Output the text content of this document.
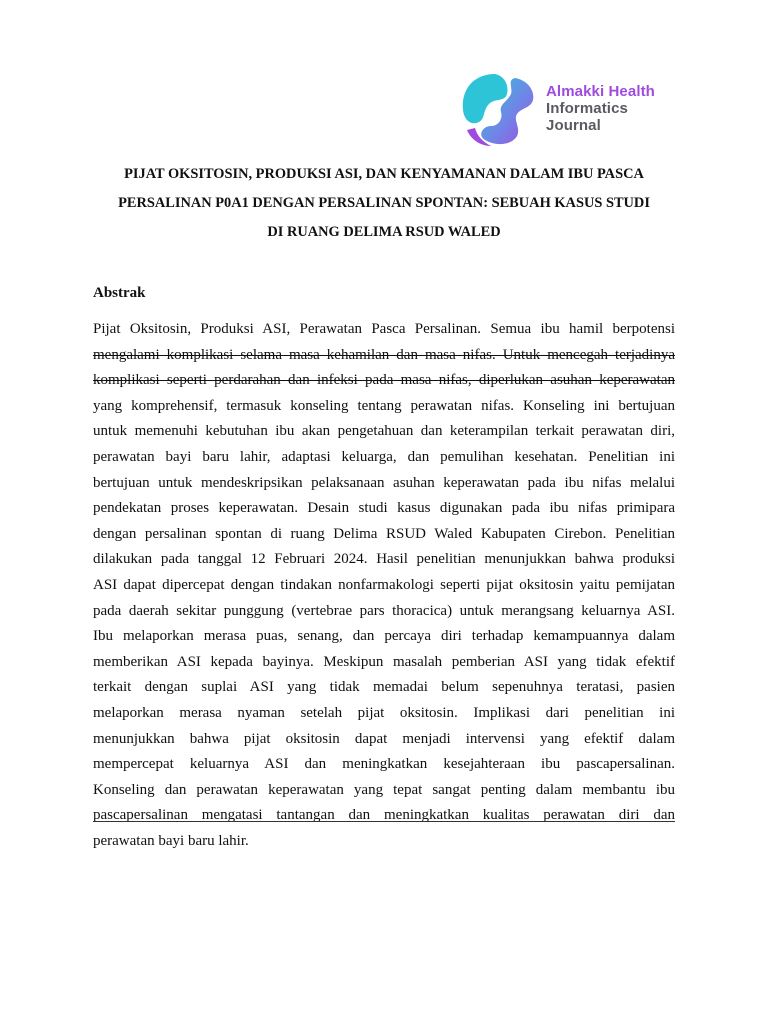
Almakki Health
Informatics
Journal
PIJAT OKSITOSIN, PRODUKSI ASI, DAN KENYAMANAN DALAM IBU PASCA
PERSALINAN P0A1 DENGAN PERSALINAN SPONTAN: SEBUAH KASUS STUDI
DI RUANG DELIMA RSUD WALED
Abstrak
Pijat Oksitosin, Produksi ASI, Perawatan Pasca Persalinan. Semua ibu hamil berpotensi
mengalami komplikasi selama masa kehamilan dan masa nifas. Untuk mencegah terjadinya
komplikasi seperti perdarahan dan infeksi pada masa nifas, diperlukan asuhan keperawatan
yang komprehensif, termasuk konseling tentang perawatan nifas. Konseling ini bertujuan
untuk memenuhi kebutuhan ibu akan pengetahuan dan keterampilan terkait perawatan diri,
perawatan bayi baru lahir, adaptasi keluarga, dan pemulihan kesehatan. Penelitian ini
bertujuan untuk mendeskripsikan pelaksanaan asuhan keperawatan pada ibu nifas melalui
pendekatan proses keperawatan. Desain studi kasus digunakan pada ibu nifas primipara
dengan persalinan spontan di ruang Delima RSUD Waled Kabupaten Cirebon. Penelitian
dilakukan pada tanggal 12 Februari 2024. Hasil penelitian menunjukkan bahwa produksi
ASI dapat dipercepat dengan tindakan nonfarmakologi seperti pijat oksitosin yaitu pemijatan
pada daerah sekitar punggung (vertebrae pars thoracica) untuk merangsang keluarnya ASI.
Ibu melaporkan merasa puas, senang, dan percaya diri terhadap kemampuannya dalam
memberikan ASI kepada bayinya. Meskipun masalah pemberian ASI yang tidak efektif
terkait dengan suplai ASI yang tidak memadai belum sepenuhnya teratasi, pasien
melaporkan merasa nyaman setelah pijat oksitosin. Implikasi dari penelitian ini
menunjukkan bahwa pijat oksitosin dapat menjadi intervensi yang efektif dalam
mempercepat keluarnya ASI dan meningkatkan kesejahteraan ibu pascapersalinan.
Konseling dan perawatan keperawatan yang tepat sangat penting dalam membantu ibu
pascapersalinan mengatasi tantangan dan meningkatkan kualitas perawatan diri dan
perawatan bayi baru lahir.
